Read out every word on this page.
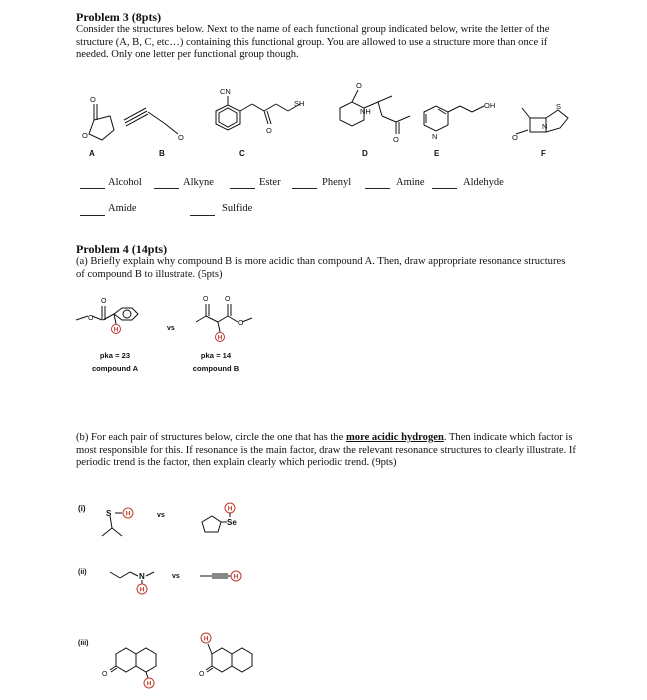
Problem 3 (8pts)
Consider the structures below. Next to the name of each functional group indicated below, write the letter of the structure (A, B, C, etc…) containing this functional group. You are allowed to use a structure more than once if needed. Only one letter per functional group though.
O
O	O
CN
O
SH
O
NH
O	N
OH	S
N
O
A	B	C	D	E	F
Alcohol	Alkyne	Ester	Phenyl	Amine	Aldehyde
Amide	Sulfide
Problem 4 (14pts)
(a) Briefly explain why compound B is more acidic than compound A. Then, draw appropriate resonance structures of compound B to illustrate. (5pts)
O
O	O O
O
H
H
vs
pka = 23
compound A
pka = 14
compound B
(b) For each pair of structures below, circle the one that has the more acidic hydrogen. Then indicate which factor is most responsible for this. If resonance is the main factor, draw the relevant resonance structures to clearly illustrate. If periodic trend is the factor, then explain clearly which periodic trend. (9pts)
(i)
S H
Se
H
vs
(ii)	N
H
H
vs
(iii)
O	O
H
H
